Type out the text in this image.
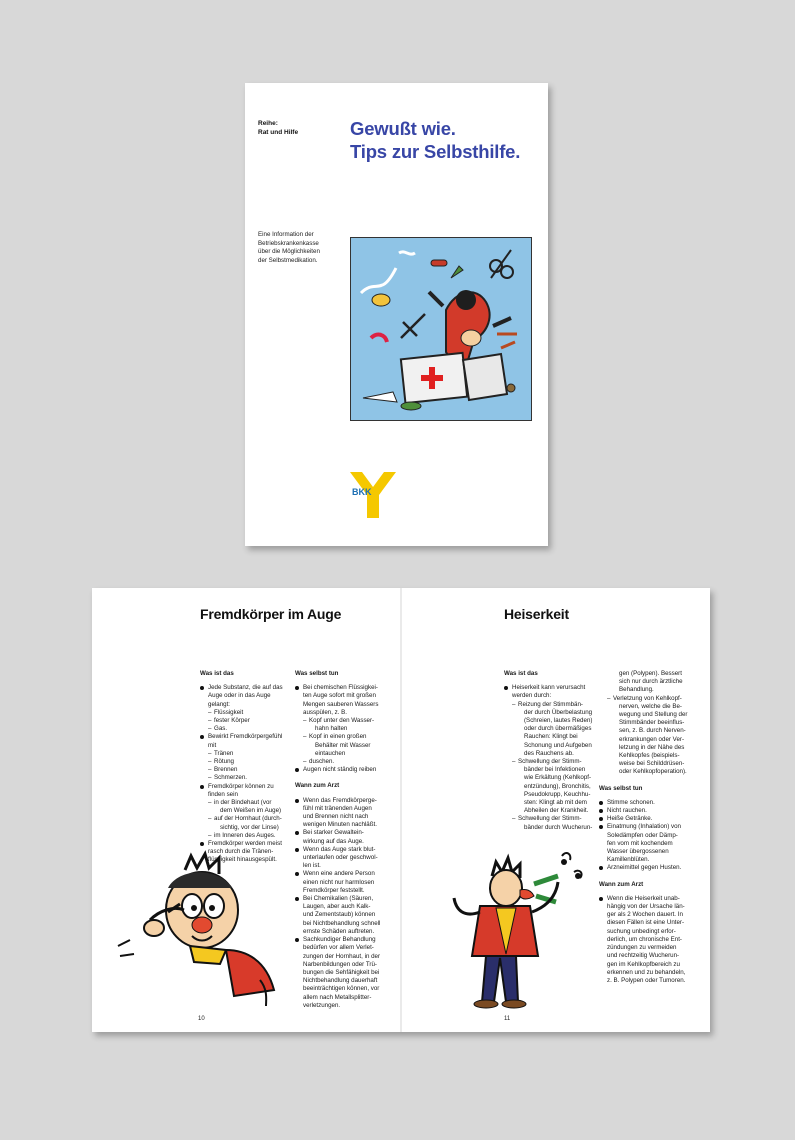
Reihe:
Rat und Hilfe	Gewußt wie.
Tips zur Selbsthilfe.
Eine Information der
Betriebskrankenkasse
über die Möglichkeiten
der Selbstmedikation.
BKK
Fremdkörper im Auge
Was ist das
Jede Substanz, die auf das
Auge oder in das Auge
gelangt:
– Flüssigkeit
– fester Körper
– Gas.
Bewirkt Fremdkörpergefühl
mit
– Tränen
– Rötung
– Brennen
– Schmerzen.
Fremdkörper können zu
finden sein
– in der Bindehaut (vor
dem Weißen im Auge)
– auf der Hornhaut (durch-
sichtig, vor der Linse)
– im Inneren des Auges.
Fremdkörper werden meist
rasch durch die Tränen-
flüssigkeit hinausgespült.
Was selbst tun
Bei chemischen Flüssigkei-
ten Auge sofort mit großen
Mengen sauberen Wassers
ausspülen, z. B.
– Kopf unter den Wasser-
hahn halten
– Kopf in einen großen
Behälter mit Wasser
eintauchen
– duschen.
Augen nicht ständig reiben
Wann zum Arzt
Wenn das Fremdkörperge-
fühl mit tränenden Augen
und Brennen nicht nach
wenigen Minuten nachläßt.
Bei starker Gewaltein-
wirkung auf das Auge.
Wenn das Auge stark blut-
unterlaufen oder geschwol-
len ist.
Wenn eine andere Person
einen nicht nur harmlosen
Fremdkörper feststellt.
Bei Chemikalien (Säuren,
Laugen, aber auch Kalk-
und Zementstaub) können
bei Nichtbehandlung schnell
ernste Schäden auftreten.
Sachkundiger Behandlung
bedürfen vor allem Verlet-
zungen der Hornhaut, in der
Narbenbildungen oder Trü-
bungen die Sehfähigkeit bei
Nichtbehandlung dauerhaft
beeinträchtigen können, vor
allem nach Metallsplitter-
verletzungen.
10
Heiserkeit
Was ist das
Heiserkeit kann verursacht
werden durch:
– Reizung der Stimmbän-
der durch Überbelastung
(Schreien, lautes Reden)
oder durch übermäßiges
Rauchen: Klingt bei
Schonung und Aufgeben
des Rauchens ab.
– Schwellung der Stimm-
bänder bei Infektionen
wie Erkältung (Kehlkopf-
entzündung), Bronchitis,
Pseudokrupp, Keuchhu-
sten: Klingt ab mit dem
Abheilen der Krankheit.
– Schwellung der Stimm-
bänder durch Wucherun-
gen (Polypen). Bessert
sich nur durch ärztliche
Behandlung.
– Verletzung von Kehlkopf-
nerven, welche die Be-
wegung und Stellung der
Stimmbänder beeinflus-
sen, z. B. durch Nerven-
erkrankungen oder Ver-
letzung in der Nähe des
Kehlkopfes (beispiels-
weise bei Schilddrüsen-
oder Kehlkopfoperation).
Was selbst tun
Stimme schonen.
Nicht rauchen.
Heiße Getränke.
Einatmung (Inhalation) von
Soledämpfen oder Dämp-
fen vom mit kochendem
Wasser übergossenen
Kamillenblüten.
Arzneimittel gegen Husten.
Wann zum Arzt
Wenn die Heiserkeit unab-
hängig von der Ursache län-
ger als 2 Wochen dauert. In
diesen Fällen ist eine Unter-
suchung unbedingt erfor-
derlich, um chronische Ent-
zündungen zu vermeiden
und rechtzeitig Wucherun-
gen im Kehlkopfbereich zu
erkennen und zu behandeln,
z. B. Polypen oder Tumoren.
11
